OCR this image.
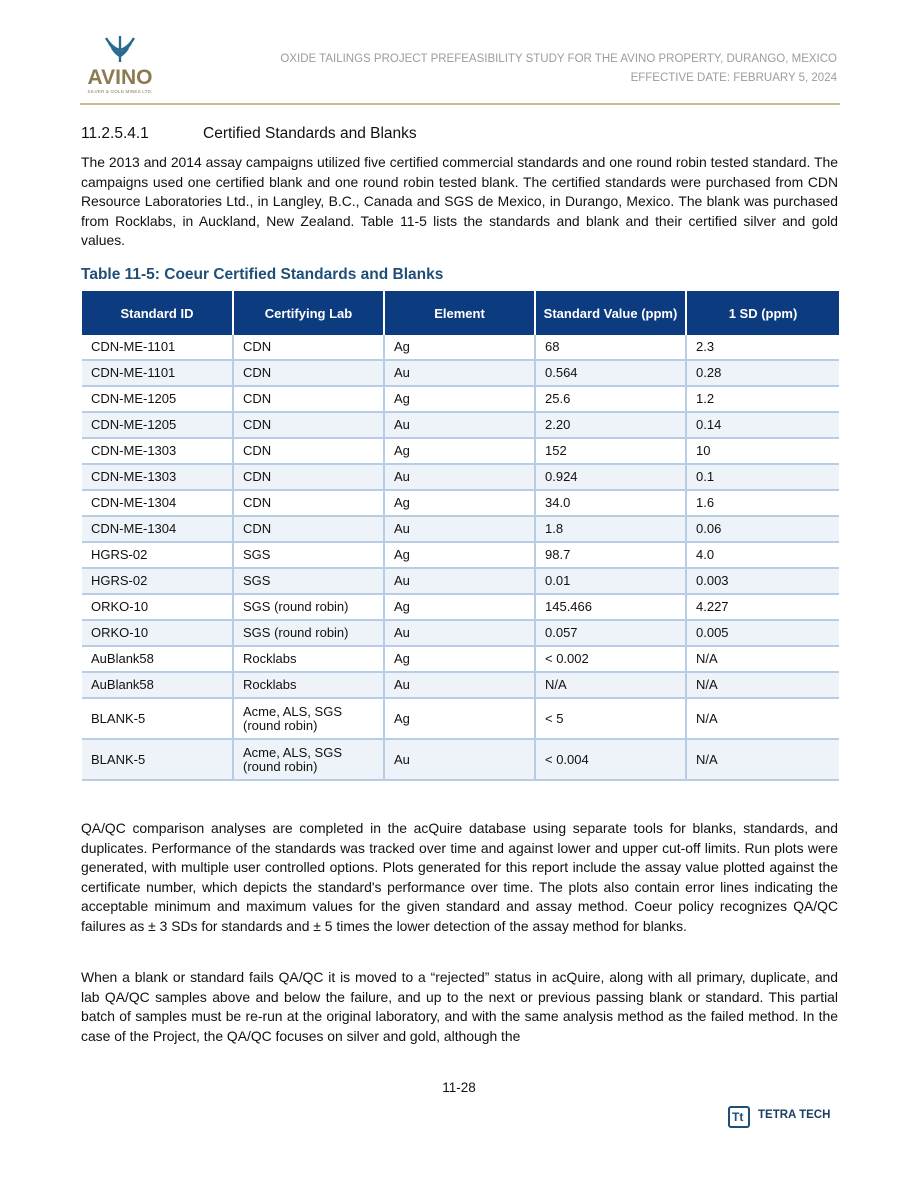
AVINO
SILVER & GOLD MINES LTD.
OXIDE TAILINGS PROJECT PREFEASIBILITY STUDY FOR THE AVINO PROPERTY, DURANGO, MEXICO
EFFECTIVE DATE: FEBRUARY 5, 2024
11.2.5.4.1	Certified Standards and Blanks

The 2013 and 2014 assay campaigns utilized five certified commercial standards and one round robin tested standard. The campaigns used one certified blank and one round robin tested blank. The certified standards were purchased from CDN Resource Laboratories Ltd., in Langley, B.C., Canada and SGS de Mexico, in Durango, Mexico. The blank was purchased from Rocklabs, in Auckland, New Zealand. Table 11-5 lists the standards and blank and their certified silver and gold values.

Table 11-5: Coeur Certified Standards and Blanks
Standard ID	Certifying Lab	Element	Standard Value (ppm)	1 SD (ppm)
CDN-ME-1101	CDN	Ag	68	2.3
CDN-ME-1101	CDN	Au	0.564	0.28
CDN-ME-1205	CDN	Ag	25.6	1.2
CDN-ME-1205	CDN	Au	2.20	0.14
CDN-ME-1303	CDN	Ag	152	10
CDN-ME-1303	CDN	Au	0.924	0.1
CDN-ME-1304	CDN	Ag	34.0	1.6
CDN-ME-1304	CDN	Au	1.8	0.06
HGRS-02	SGS	Ag	98.7	4.0
HGRS-02	SGS	Au	0.01	0.003
ORKO-10	SGS (round robin)	Ag	145.466	4.227
ORKO-10	SGS (round robin)	Au	0.057	0.005
AuBlank58	Rocklabs	Ag	< 0.002	N/A
AuBlank58	Rocklabs	Au	N/A	N/A
BLANK-5	Acme, ALS, SGS (round robin)	Ag	< 5	N/A
BLANK-5	Acme, ALS, SGS (round robin)	Au	< 0.004	N/A

QA/QC comparison analyses are completed in the acQuire database using separate tools for blanks, standards, and duplicates. Performance of the standards was tracked over time and against lower and upper cut-off limits. Run plots were generated, with multiple user controlled options. Plots generated for this report include the assay value plotted against the certificate number, which depicts the standard's performance over time. The plots also contain error lines indicating the acceptable minimum and maximum values for the given standard and assay method. Coeur policy recognizes QA/QC failures as ± 3 SDs for standards and ± 5 times the lower detection of the assay method for blanks.

When a blank or standard fails QA/QC it is moved to a “rejected” status in acQuire, along with all primary, duplicate, and lab QA/QC samples above and below the failure, and up to the next or previous passing blank or standard. This partial batch of samples must be re-run at the original laboratory, and with the same analysis method as the failed method. In the case of the Project, the QA/QC focuses on silver and gold, although the

11-28
Tt TETRA TECH
